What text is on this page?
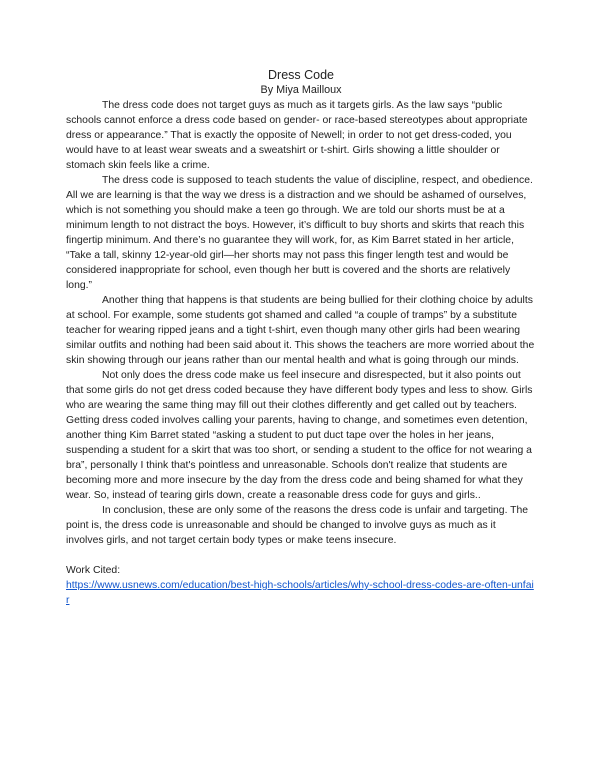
Dress Code

By Miya Mailloux

The dress code does not target guys as much as it targets girls. As the law says “public schools cannot enforce a dress code based on gender- or race-based stereotypes about appropriate dress or appearance.” That is exactly the opposite of Newell; in order to not get dress-coded, you would have to at least wear sweats and a sweatshirt or t-shirt. Girls showing a little shoulder or stomach skin feels like a crime.

The dress code is supposed to teach students the value of discipline, respect, and obedience. All we are learning is that the way we dress is a distraction and we should be ashamed of ourselves, which is not something you should make a teen go through. We are told our shorts must be at a minimum length to not distract the boys. However, it’s difficult to buy shorts and skirts that reach this fingertip minimum. And there’s no guarantee they will work, for, as Kim Barret stated in her article, “Take a tall, skinny 12-year-old girl—her shorts may not pass this finger length test and would be considered inappropriate for school, even though her butt is covered and the shorts are relatively long.”

Another thing that happens is that students are being bullied for their clothing choice by adults at school. For example, some students got shamed and called “a couple of tramps” by a substitute teacher for wearing ripped jeans and a tight t-shirt, even though many other girls had been wearing similar outfits and nothing had been said about it. This shows the teachers are more worried about the skin showing through our jeans rather than our mental health and what is going through our minds.

Not only does the dress code make us feel insecure and disrespected, but it also points out that some girls do not get dress coded because they have different body types and less to show. Girls who are wearing the same thing may fill out their clothes differently and get called out by teachers. Getting dress coded involves calling your parents, having to change, and sometimes even detention, another thing Kim Barret stated “asking a student to put duct tape over the holes in her jeans, suspending a student for a skirt that was too short, or sending a student to the office for not wearing a bra”, personally I think that's pointless and unreasonable. Schools don't realize that students are becoming more and more insecure by the day from the dress code and being shamed for what they wear. So, instead of tearing girls down, create a reasonable dress code for guys and girls..

In conclusion, these are only some of the reasons the dress code is unfair and targeting. The point is, the dress code is unreasonable and should be changed to involve guys as much as it involves girls, and not target certain body types or make teens insecure.

Work Cited:

https://www.usnews.com/education/best-high-schools/articles/why-school-dress-codes-are-often-unfair
